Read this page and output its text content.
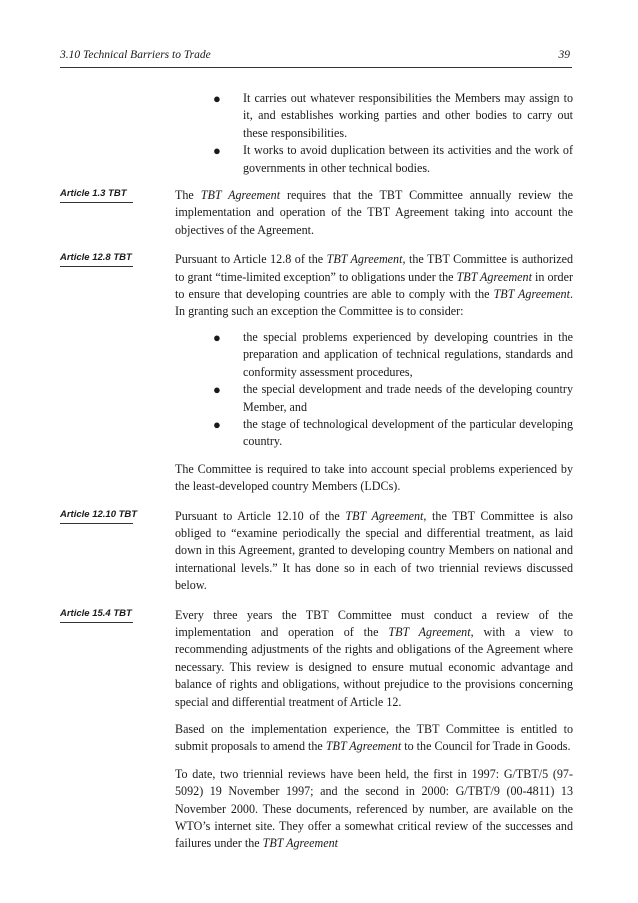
3.10 Technical Barriers to Trade	39
● It carries out whatever responsibilities the Members may assign to it, and establishes working parties and other bodies to carry out these responsibilities.
● It works to avoid duplication between its activities and the work of governments in other technical bodies.
Article 1.3 TBT	The TBT Agreement requires that the TBT Committee annually review the implementation and operation of the TBT Agreement taking into account the objectives of the Agreement.

Article 12.8 TBT	Pursuant to Article 12.8 of the TBT Agreement, the TBT Committee is authorized to grant “time-limited exception” to obligations under the TBT Agreement in order to ensure that developing countries are able to comply with the TBT Agreement. In granting such an exception the Committee is to consider:

● the special problems experienced by developing countries in the preparation and application of technical regulations, standards and conformity assessment procedures,
● the special development and trade needs of the developing country Member, and
● the stage of technological development of the particular developing country.

The Committee is required to take into account special problems experienced by the least-developed country Members (LDCs).

Article 12.10 TBT	Pursuant to Article 12.10 of the TBT Agreement, the TBT Committee is also obliged to “examine periodically the special and differential treatment, as laid down in this Agreement, granted to developing country Members on national and international levels.” It has done so in each of two triennial reviews discussed below.

Article 15.4 TBT	Every three years the TBT Committee must conduct a review of the implementation and operation of the TBT Agreement, with a view to recommending adjustments of the rights and obligations of the Agreement where necessary. This review is designed to ensure mutual economic advantage and balance of rights and obligations, without prejudice to the provisions concerning special and differential treatment of Article 12.

Based on the implementation experience, the TBT Committee is entitled to submit proposals to amend the TBT Agreement to the Council for Trade in Goods.

To date, two triennial reviews have been held, the first in 1997: G/TBT/5 (97-5092) 19 November 1997; and the second in 2000: G/TBT/9 (00-4811) 13 November 2000. These documents, referenced by number, are available on the WTO’s internet site. They offer a somewhat critical review of the successes and failures under the TBT Agreement
